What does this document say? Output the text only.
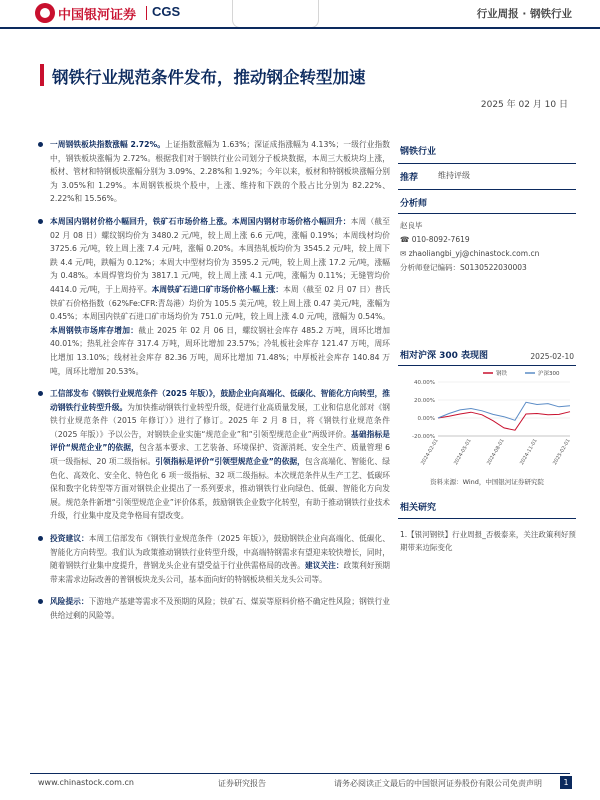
中国银河证券 CGS	行业周报 · 钢铁行业
钢铁行业规范条件发布，推动钢企转型加速
2025 年 02 月 10 日
一周钢铁板块指数涨幅 2.72%。上证指数涨幅为 1.63%；深证成指涨幅为 4.13%；一级行业指数中，钢铁板块涨幅为 2.72%。根据我们对于钢铁行业公司划分子板块数据，本周三大板块均上涨，板材、管材和特钢板块涨幅分别为 3.09%、2.28%和 1.92%；今年以来，板材和特钢板块涨幅分别为 3.05%和 1.29%。本周钢铁板块个股中，上涨、维持和下跌的个股占比分别为 82.22%、2.22%和 15.56%。
本周国内钢材价格小幅回升，铁矿石市场价格上涨。本周国内钢材市场价格小幅回升：本周（截至 02 月 08 日）螺纹钢均价为 3480.2 元/吨，较上周上涨 6.6 元/吨，涨幅 0.19%；本周线材均价 3725.6 元/吨，较上周上涨 7.4 元/吨，涨幅 0.20%。本周热轧板均价为 3545.2 元/吨，较上周下跌 4.4 元/吨，跌幅为 0.12%；本周大中型材均价为 3595.2 元/吨，较上周上涨 17.2 元/吨，涨幅为 0.48%。本周焊管均价为 3817.1 元/吨，较上周上涨 4.1 元/吨，涨幅为 0.11%；无缝管均价 4414.0 元/吨，于上周持平。本周铁矿石进口矿市场价格小幅上涨：本周（截至 02 月 07 日）普氏铁矿石价格指数（62%Fe:CFR:青岛港）均价为 105.5 美元/吨，较上周上涨 0.47 美元/吨，涨幅为 0.45%；本周国内铁矿石进口矿市场均价为 751.0 元/吨，较上周上涨 4.0 元/吨，涨幅为 0.54%。本周钢铁市场库存增加：截止 2025 年 02 月 06 日，螺纹钢社会库存 485.2 万吨，周环比增加 40.01%；热轧社会库存 317.4 万吨，周环比增加 23.57%；冷轧板社会库存 121.47 万吨，周环比增加 13.10%；线材社会库存 82.36 万吨，周环比增加 71.48%；中厚板社会库存 140.84 万吨，周环比增加 20.53%。
工信部发布《钢铁行业规范条件（2025 年版）》，鼓励企业向高端化、低碳化、智能化方向转型，推动钢铁行业转型升级。为加快推动钢铁行业转型升级，促进行业高质量发展，工业和信息化部对《钢铁行业规范条件（2015 年修订）》进行了修订。2025 年 2 月 8 日，将《钢铁行业规范条件（2025 年版）》予以公告，对钢铁企业实施“规范企业”和“引领型规范企业”两级评价。基础指标是评价“规范企业”的依据，包含基本要求、工艺装备、环境保护、资源消耗、安全生产、质量管理 6 项一级指标、20 项二级指标。引领指标是评价“引领型规范企业”的依据，包含高端化、智能化、绿色化、高效化、安全化、特色化 6 项一级指标、32 项二级指标。本次规范条件从生产工艺、低碳环保和数字化转型等方面对钢铁企业提出了一系列要求，推动钢铁行业向绿色、低碳、智能化方向发展。规范条件新增“引领型规范企业”评价体系，鼓励钢铁企业数字化转型，有助于推动钢铁行业技术升级，行业集中度及竞争格局有望改变。
投资建议：本周工信部发布《钢铁行业规范条件（2025 年版）》，鼓励钢铁企业向高端化、低碳化、智能化方向转型。我们认为政策推动钢铁行业转型升级，中高端特钢需求有望迎来较快增长，同时，随着钢铁行业集中度提升，普钢龙头企业有望受益于行业供需格局的改善。建议关注：政策利好预期带来需求边际改善的普钢板块龙头公司，基本面向好的特钢板块相关龙头公司等。
风险提示：下游地产基建等需求不及预期的风险；铁矿石、煤炭等原料价格不确定性风险；钢铁行业供给过剩的风险等。
钢铁行业
推荐	维持评级
分析师
赵良毕
☎ 010-8092-7619
✉ zhaoliangbi_yj@chinastock.com.cn
分析师登记编码：S0130522030003
相对沪深 300 表现图	2025-02-10
40.00%
20.00%
0.00%
-20.00%
2024-02-01	2024-05-01	2024-08-01	2024-11-01	2025-02-01
钢铁	沪深300
资料来源：Wind，中国银河证券研究院
相关研究
1.【银河钢铁】行业周报_否极泰来，关注政策利好预期带来边际变化
www.chinastock.com.cn	证券研究报告	请务必阅读正文最后的中国银河证券股份有限公司免责声明	1
